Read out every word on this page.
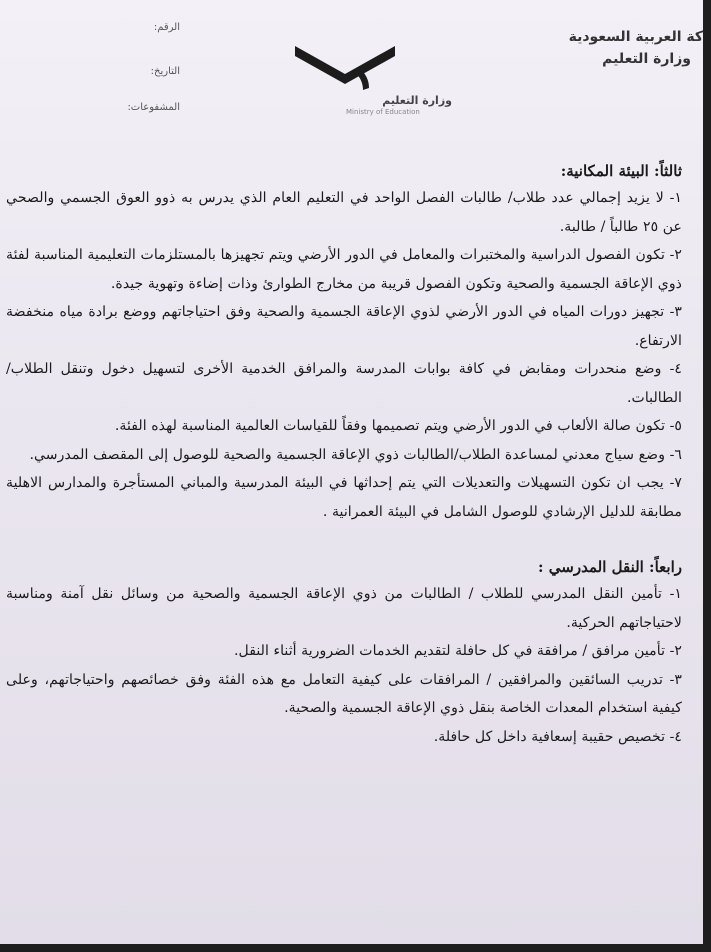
كة العربية السعودية
وزارة التعليم
الرقم:
التاريخ:
المشفوعات:
وزارة التعليم
Ministry of Education

ثالثاً: البيئة المكانية:

١- لا يزيد إجمالي عدد طلاب/ طالبات الفصل الواحد في التعليم العام الذي يدرس به ذوو العوق الجسمي والصحي عن ٢٥ طالباً / طالبة.

٢- تكون الفصول الدراسية والمختبرات والمعامل في الدور الأرضي ويتم تجهيزها بالمستلزمات التعليمية المناسبة لفئة ذوي الإعاقة الجسمية والصحية وتكون الفصول قريبة من مخارج الطوارئ وذات إضاءة وتهوية جيدة.

٣- تجهيز دورات المياه في الدور الأرضي لذوي الإعاقة الجسمية والصحية وفق احتياجاتهم ووضع برادة مياه منخفضة الارتفاع.

٤- وضع منحدرات ومقابض في كافة بوابات المدرسة والمرافق الخدمية الأخرى لتسهيل دخول وتنقل الطلاب/الطالبات.

٥- تكون صالة الألعاب في الدور الأرضي ويتم تصميمها وفقاً للقياسات العالمية المناسبة لهذه الفئة.

٦- وضع سياج معدني لمساعدة الطلاب/الطالبات ذوي الإعاقة الجسمية والصحية للوصول إلى المقصف المدرسي.

٧- يجب ان تكون التسهيلات والتعديلات التي يتم إحداثها في البيئة المدرسية والمباني المستأجرة والمدارس الاهلية مطابقة للدليل الإرشادي للوصول الشامل في البيئة العمرانية .

رابعاً: النقل المدرسي :

١- تأمين النقل المدرسي للطلاب / الطالبات من ذوي الإعاقة الجسمية والصحية من وسائل نقل آمنة ومناسبة لاحتياجاتهم الحركية.

٢- تأمين مرافق / مرافقة في كل حافلة لتقديم الخدمات الضرورية أثناء النقل.

٣- تدريب السائقين والمرافقين / المرافقات على كيفية التعامل مع هذه الفئة وفق خصائصهم واحتياجاتهم، وعلى كيفية استخدام المعدات الخاصة بنقل ذوي الإعاقة الجسمية والصحية.

٤- تخصيص حقيبة إسعافية داخل كل حافلة.
